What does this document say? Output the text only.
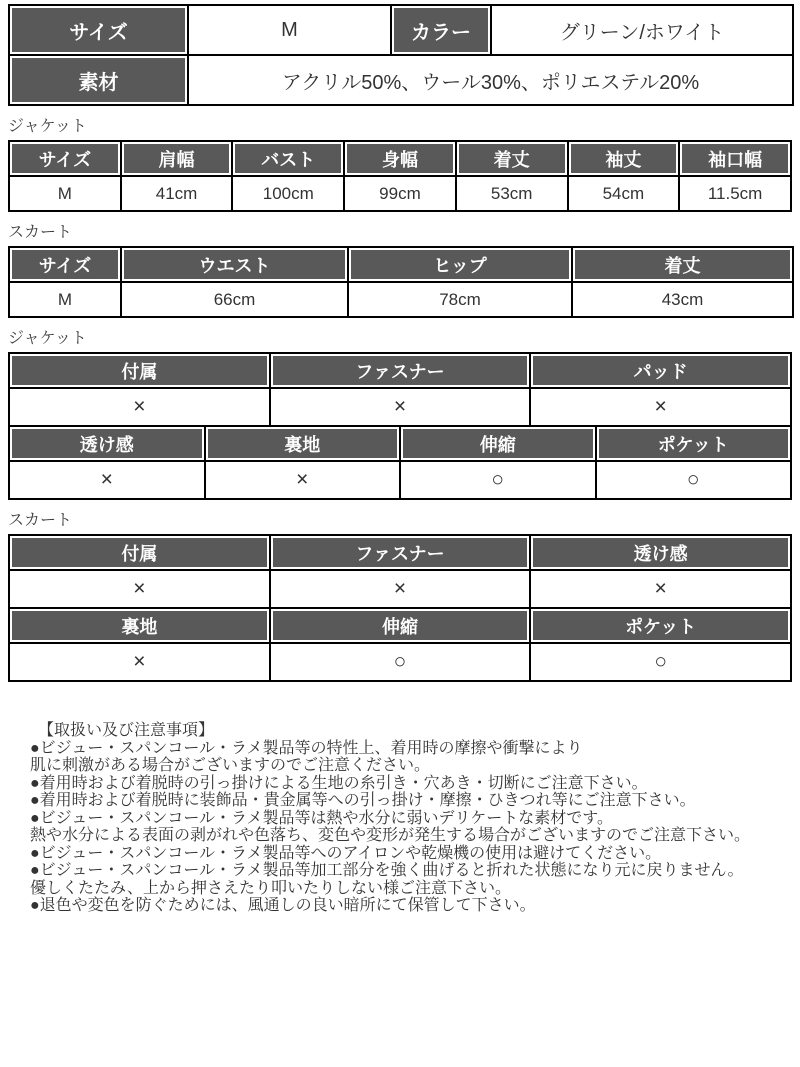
サイズ	M	カラー	グリーン/ホワイト
素材	アクリル50%、ウール30%、ポリエステル20%		
ジャケット
サイズ	肩幅	バスト	身幅	着丈	袖丈	袖口幅
M	41cm	100cm	99cm	53cm	54cm	11.5cm
スカート
サイズ	ウエスト	ヒップ	着丈
M	66cm	78cm	43cm
ジャケット
付属	ファスナー	パッド
×	×	×
透け感	裏地	伸縮	ポケット
×	×	○	○
スカート
付属	ファスナー	透け感
×	×	×
裏地	伸縮	ポケット
×	○	○
【取扱い及び注意事項】
●ビジュー・スパンコール・ラメ製品等の特性上、着用時の摩擦や衝撃により
肌に刺激がある場合がございますのでご注意ください。
●着用時および着脱時の引っ掛けによる生地の糸引き・穴あき・切断にご注意下さい。
●着用時および着脱時に装飾品・貴金属等への引っ掛け・摩擦・ひきつれ等にご注意下さい。
●ビジュー・スパンコール・ラメ製品等は熱や水分に弱いデリケートな素材です。
熱や水分による表面の剥がれや色落ち、変色や変形が発生する場合がございますのでご注意下さい。
●ビジュー・スパンコール・ラメ製品等へのアイロンや乾燥機の使用は避けてください。
●ビジュー・スパンコール・ラメ製品等加工部分を強く曲げると折れた状態になり元に戻りません。
優しくたたみ、上から押さえたり叩いたりしない様ご注意下さい。
●退色や変色を防ぐためには、風通しの良い暗所にて保管して下さい。
